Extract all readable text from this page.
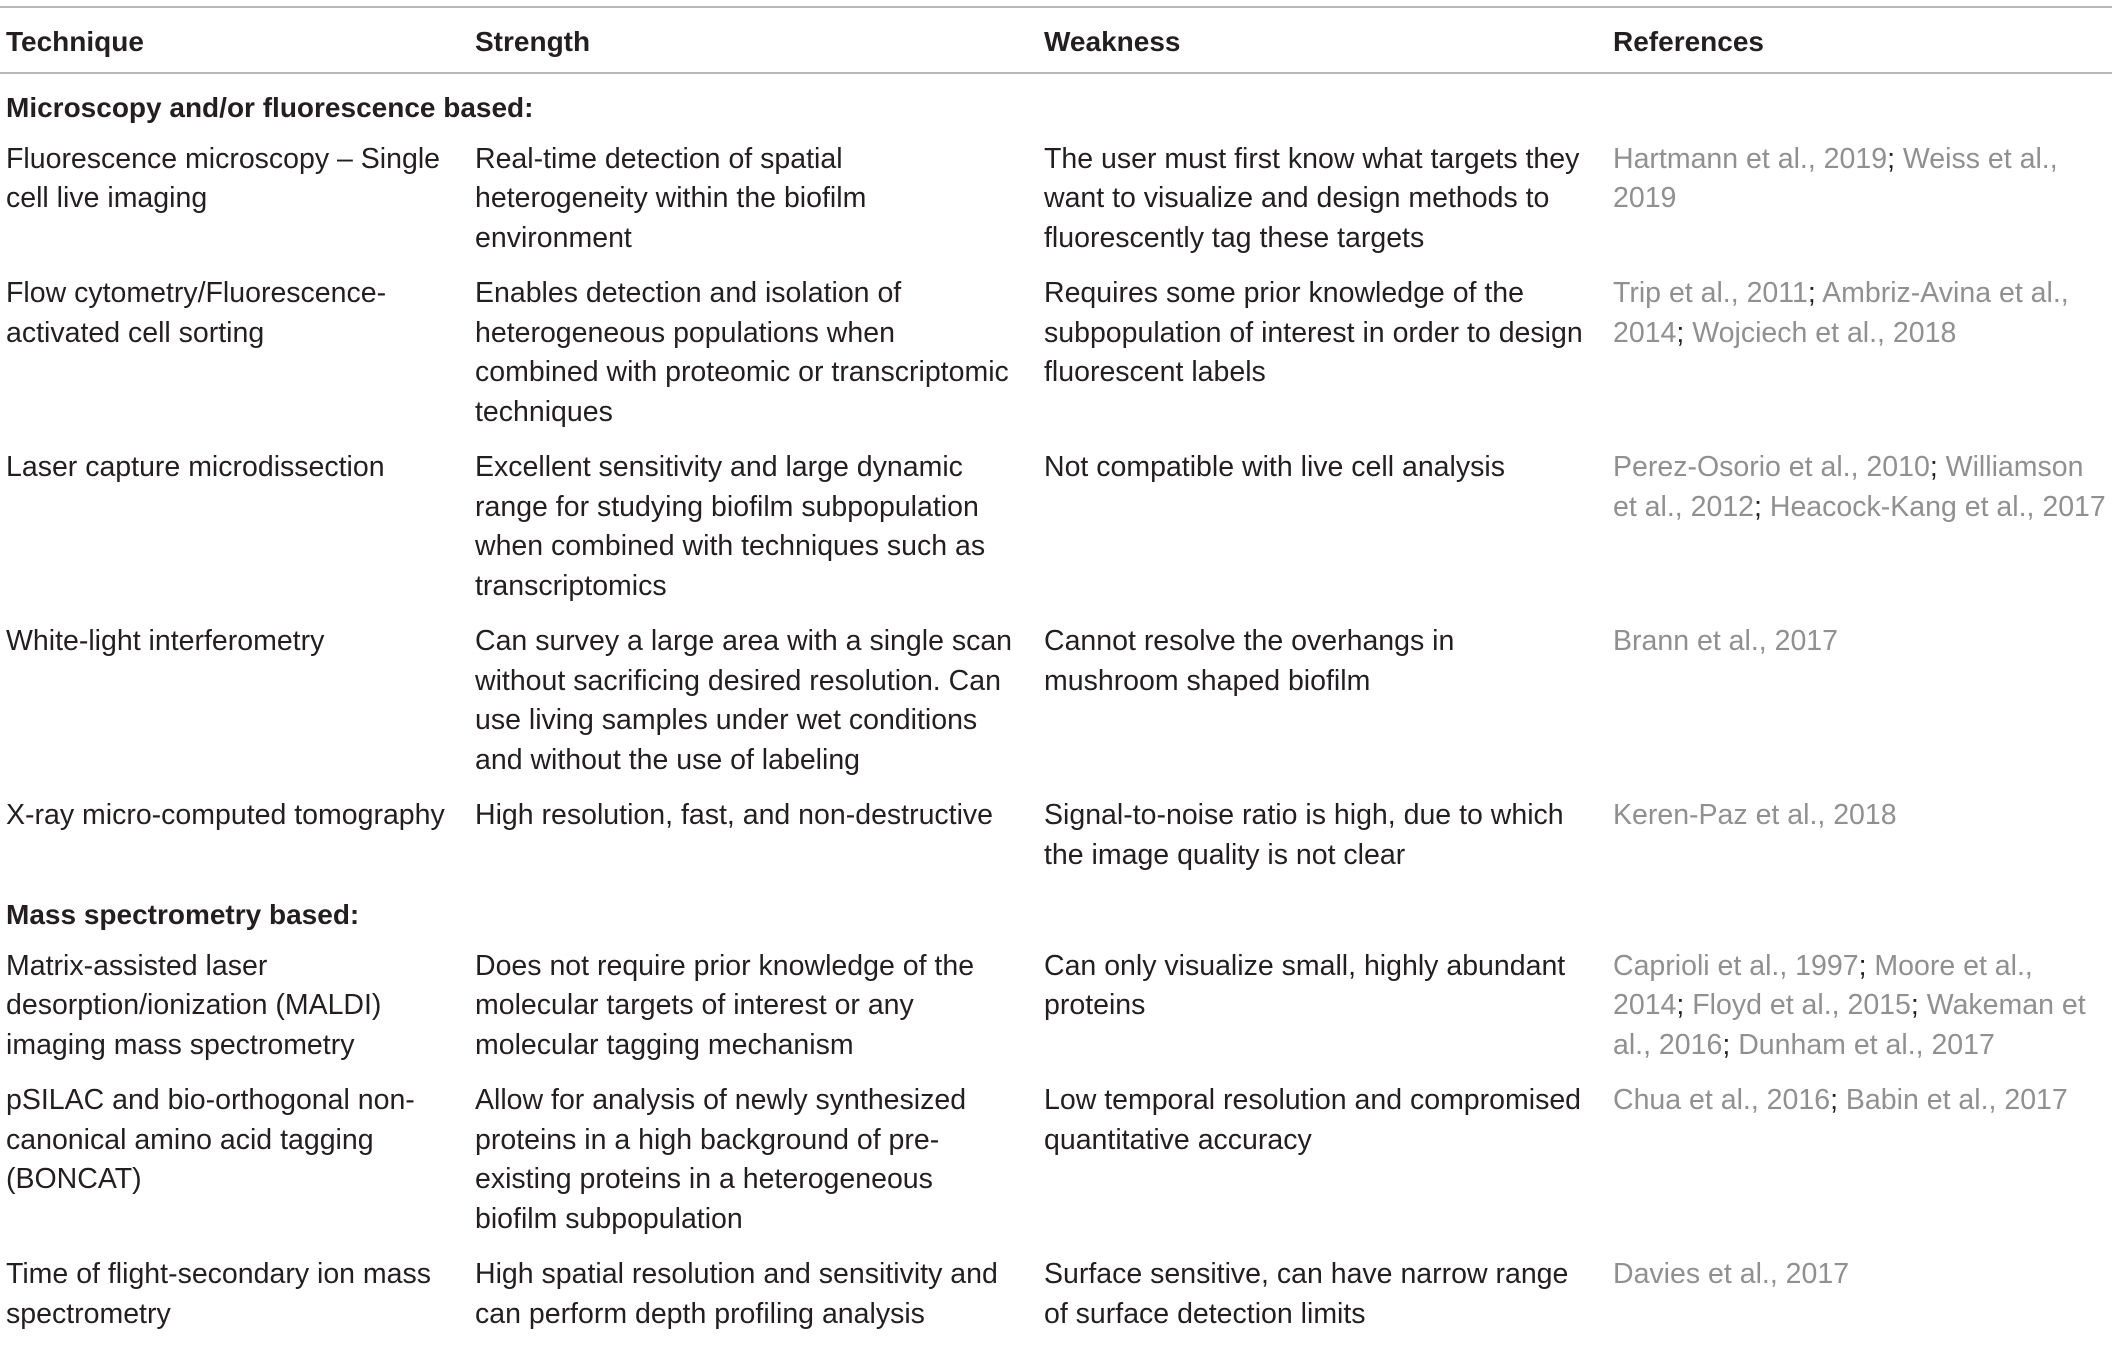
Technique	Strength	Weakness	References
Microscopy and/or fluorescence based:			
Fluorescence microscopy – Single cell live imaging	Real-time detection of spatial heterogeneity within the biofilm environment	The user must first know what targets they want to visualize and design methods to fluorescently tag these targets	Hartmann et al., 2019; Weiss et al., 2019
Flow cytometry/Fluorescence-activated cell sorting	Enables detection and isolation of heterogeneous populations when combined with proteomic or transcriptomic techniques	Requires some prior knowledge of the subpopulation of interest in order to design fluorescent labels	Trip et al., 2011; Ambriz-Avina et al., 2014; Wojciech et al., 2018
Laser capture microdissection	Excellent sensitivity and large dynamic range for studying biofilm subpopulation when combined with techniques such as transcriptomics	Not compatible with live cell analysis	Perez-Osorio et al., 2010; Williamson et al., 2012; Heacock-Kang et al., 2017
White-light interferometry	Can survey a large area with a single scan without sacrificing desired resolution. Can use living samples under wet conditions and without the use of labeling	Cannot resolve the overhangs in mushroom shaped biofilm	Brann et al., 2017
X-ray micro-computed tomography	High resolution, fast, and non-destructive	Signal-to-noise ratio is high, due to which the image quality is not clear	Keren-Paz et al., 2018
Mass spectrometry based:			
Matrix-assisted laser desorption/ionization (MALDI) imaging mass spectrometry	Does not require prior knowledge of the molecular targets of interest or any molecular tagging mechanism	Can only visualize small, highly abundant proteins	Caprioli et al., 1997; Moore et al., 2014; Floyd et al., 2015; Wakeman et al., 2016; Dunham et al., 2017
pSILAC and bio-orthogonal non-canonical amino acid tagging (BONCAT)	Allow for analysis of newly synthesized proteins in a high background of pre-existing proteins in a heterogeneous biofilm subpopulation	Low temporal resolution and compromised quantitative accuracy	Chua et al., 2016; Babin et al., 2017
Time of flight-secondary ion mass spectrometry	High spatial resolution and sensitivity and can perform depth profiling analysis	Surface sensitive, can have narrow range of surface detection limits	Davies et al., 2017
